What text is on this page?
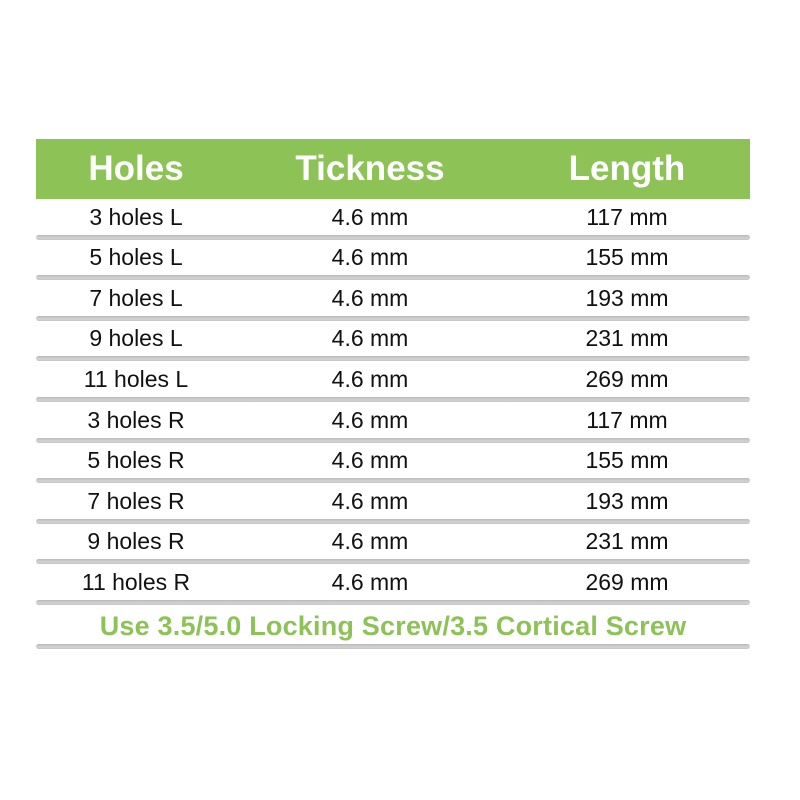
Holes	Tickness	Length
3 holes L	4.6 mm	117 mm
5 holes L	4.6 mm	155 mm
7 holes L	4.6 mm	193 mm
9 holes L	4.6 mm	231 mm
11 holes L	4.6 mm	269 mm
3 holes R	4.6 mm	117 mm
5 holes R	4.6 mm	155 mm
7 holes R	4.6 mm	193 mm
9 holes R	4.6 mm	231 mm
11 holes R	4.6 mm	269 mm
Use 3.5/5.0 Locking Screw/3.5 Cortical Screw
